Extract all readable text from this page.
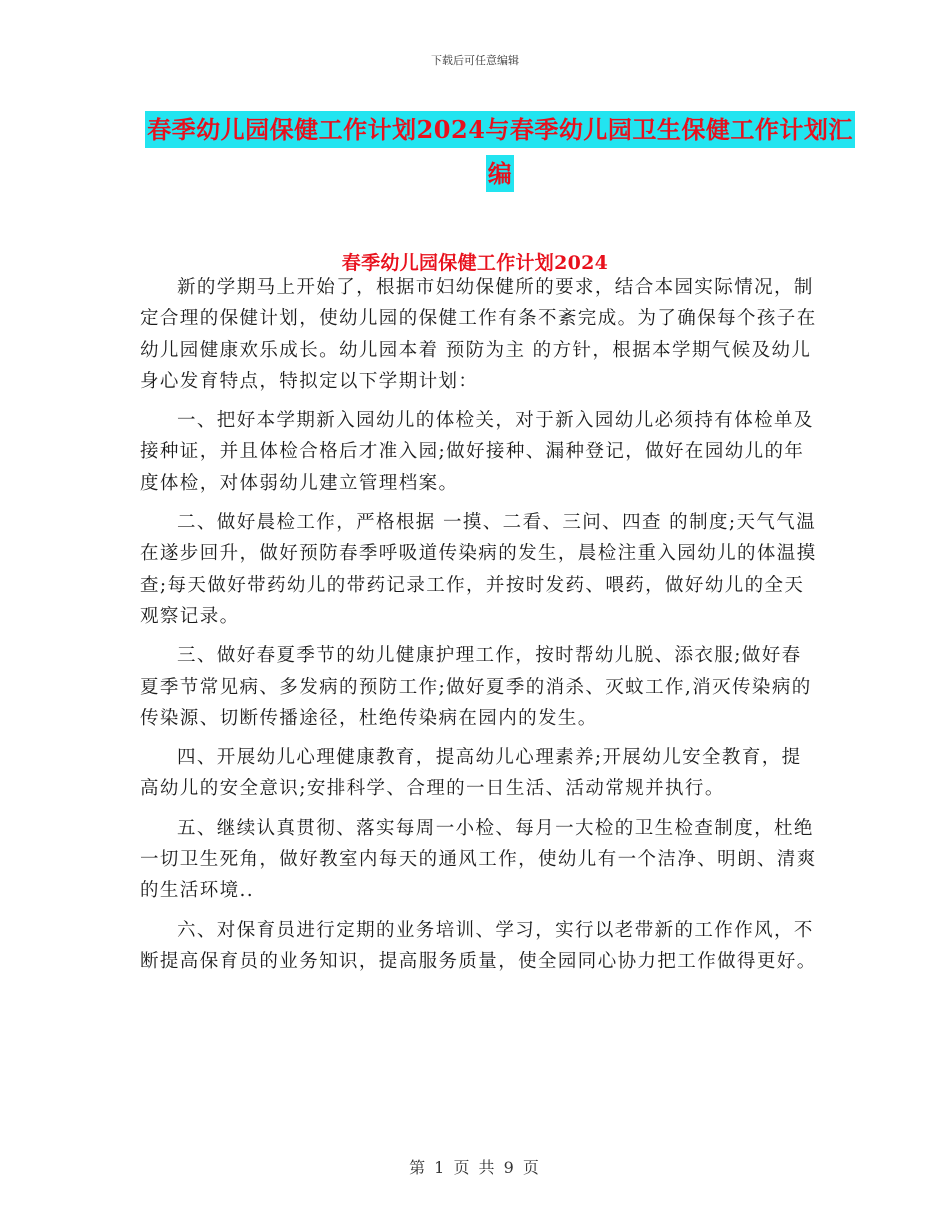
下载后可任意编辑
春季幼儿园保健工作计划2024与春季幼儿园卫生保健工作计划汇编
春季幼儿园保健工作计划2024

新的学期马上开始了，根据市妇幼保健所的要求，结合本园实际情况，制定合理的保健计划，使幼儿园的保健工作有条不紊完成。为了确保每个孩子在幼儿园健康欢乐成长。幼儿园本着 预防为主 的方针，根据本学期气候及幼儿身心发育特点，特拟定以下学期计划：

一、把好本学期新入园幼儿的体检关，对于新入园幼儿必须持有体检单及接种证，并且体检合格后才准入园;做好接种、漏种登记，做好在园幼儿的年度体检，对体弱幼儿建立管理档案。

二、做好晨检工作，严格根据 一摸、二看、三问、四查 的制度;天气气温在遂步回升，做好预防春季呼吸道传染病的发生，晨检注重入园幼儿的体温摸查;每天做好带药幼儿的带药记录工作，并按时发药、喂药，做好幼儿的全天观察记录。

三、做好春夏季节的幼儿健康护理工作，按时帮幼儿脱、添衣服;做好春夏季节常见病、多发病的预防工作;做好夏季的消杀、灭蚊工作,消灭传染病的传染源、切断传播途径，杜绝传染病在园内的发生。

四、开展幼儿心理健康教育，提高幼儿心理素养;开展幼儿安全教育，提高幼儿的安全意识;安排科学、合理的一日生活、活动常规并执行。

五、继续认真贯彻、落实每周一小检、每月一大检的卫生检查制度，杜绝一切卫生死角，做好教室内每天的通风工作，使幼儿有一个洁净、明朗、清爽的生活环境..

六、对保育员进行定期的业务培训、学习，实行以老带新的工作作风，不断提高保育员的业务知识，提高服务质量，使全园同心协力把工作做得更好。

第 1 页 共 9 页
